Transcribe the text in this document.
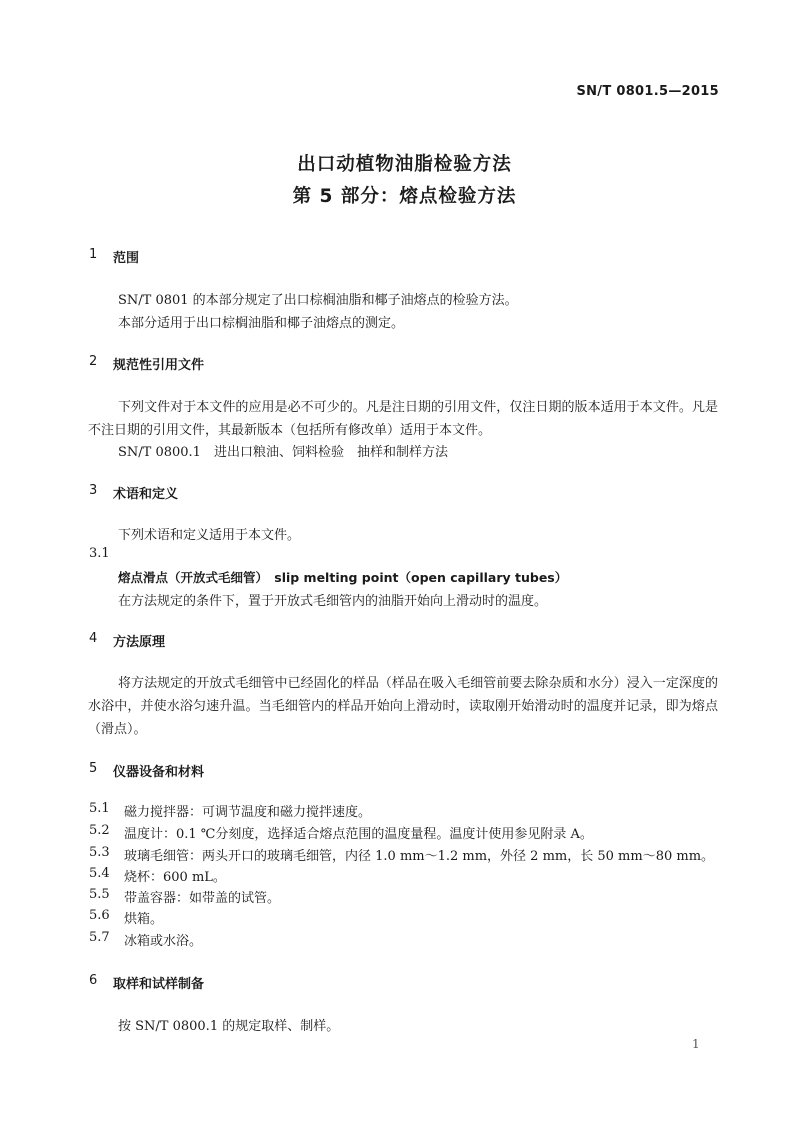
SN/T 0801.5—2015
出口动植物油脂检验方法
第 5 部分：熔点检验方法
1 范围
SN/T 0801 的本部分规定了出口棕榈油脂和椰子油熔点的检验方法。
本部分适用于出口棕榈油脂和椰子油熔点的测定。
2 规范性引用文件
下列文件对于本文件的应用是必不可少的。凡是注日期的引用文件，仅注日期的版本适用于本文件。凡是不注日期的引用文件，其最新版本（包括所有修改单）适用于本文件。
SN/T 0800.1　进出口粮油、饲料检验　抽样和制样方法
3 术语和定义
下列术语和定义适用于本文件。
3.1
熔点滑点（开放式毛细管）　slip melting point（open capillary tubes）
在方法规定的条件下，置于开放式毛细管内的油脂开始向上滑动时的温度。
4 方法原理
将方法规定的开放式毛细管中已经固化的样品（样品在吸入毛细管前要去除杂质和水分）浸入一定深度的水浴中，并使水浴匀速升温。当毛细管内的样品开始向上滑动时，读取刚开始滑动时的温度并记录，即为熔点（滑点）。
5 仪器设备和材料
5.1 磁力搅拌器：可调节温度和磁力搅拌速度。
5.2 温度计：0.1 ℃分刻度，选择适合熔点范围的温度量程。温度计使用参见附录 A。
5.3 玻璃毛细管：两头开口的玻璃毛细管，内径 1.0 mm～1.2 mm，外径 2 mm，长 50 mm～80 mm。
5.4 烧杯：600 mL。
5.5 带盖容器：如带盖的试管。
5.6 烘箱。
5.7 冰箱或水浴。
6 取样和试样制备
按 SN/T 0800.1 的规定取样、制样。
1
